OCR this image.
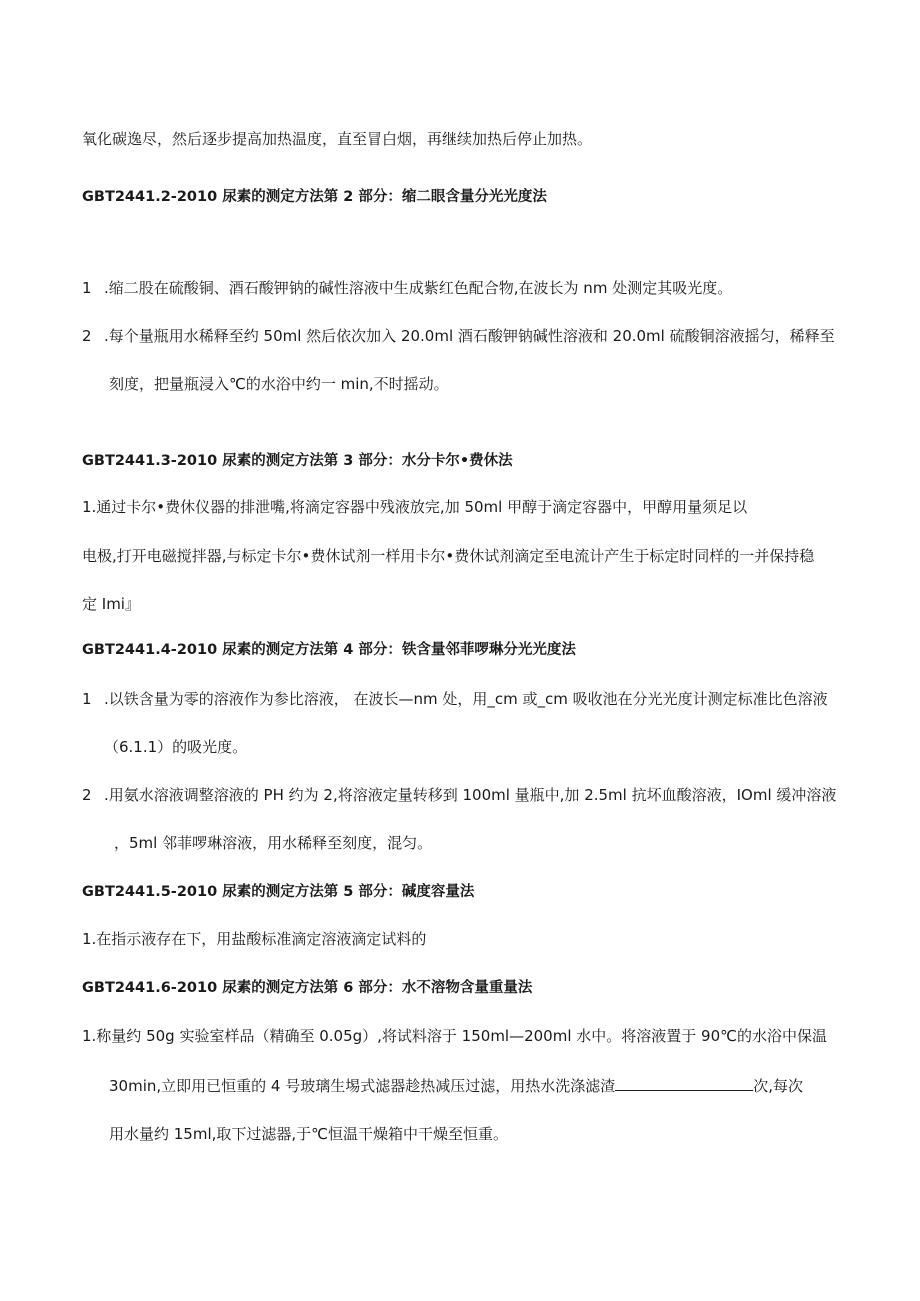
氧化碳逸尽，然后逐步提高加热温度，直至冒白烟，再继续加热后停止加热。
GBT2441.2-2010 尿素的测定方法第 2 部分：缩二眼含量分光光度法
1 .缩二股在硫酸铜、酒石酸钾钠的碱性溶液中生成紫红色配合物,在波长为 nm 处测定其吸光度。
2 .每个量瓶用水稀释至约 50ml 然后依次加入 20.0ml 酒石酸钾钠碱性溶液和 20.0ml 硫酸铜溶液摇匀，稀释至
刻度，把量瓶浸入℃的水浴中约一 min,不时摇动。
GBT2441.3-2010 尿素的测定方法第 3 部分：水分卡尔•费休法
1.通过卡尔•费休仪器的排泄嘴,将滴定容器中残液放完,加 50ml 甲醇于滴定容器中，甲醇用量须足以
电极,打开电磁搅拌器,与标定卡尔•费休试剂一样用卡尔•费休试剂滴定至电流计产生于标定时同样的一并保持稳
定 Imi』
GBT2441.4-2010 尿素的测定方法第 4 部分：铁含量邻菲啰琳分光光度法
1 .以铁含量为零的溶液作为参比溶液， 在波长—nm 处，用_cm 或_cm 吸收池在分光光度计测定标准比色溶液
（6.1.1）的吸光度。
2 .用氨水溶液调整溶液的 PH 约为 2,将溶液定量转移到 100ml 量瓶中,加 2.5ml 抗坏血酸溶液，IOml 缓冲溶液
，5ml 邻菲啰琳溶液，用水稀释至刻度，混匀。
GBT2441.5-2010 尿素的测定方法第 5 部分：碱度容量法
1.在指示液存在下，用盐酸标准滴定溶液滴定试料的
GBT2441.6-2010 尿素的测定方法第 6 部分：水不溶物含量重量法
1.称量约 50g 实验室样品（精确至 0.05g）,将试料溶于 150ml—200ml 水中。将溶液置于 90℃的水浴中保温
30min,立即用已恒重的 4 号玻璃生埸式滤器趁热减压过滤，用热水洗涤滤渣	次,每次
用水量约 15ml,取下过滤器,于℃恒温干燥箱中干燥至恒重。
